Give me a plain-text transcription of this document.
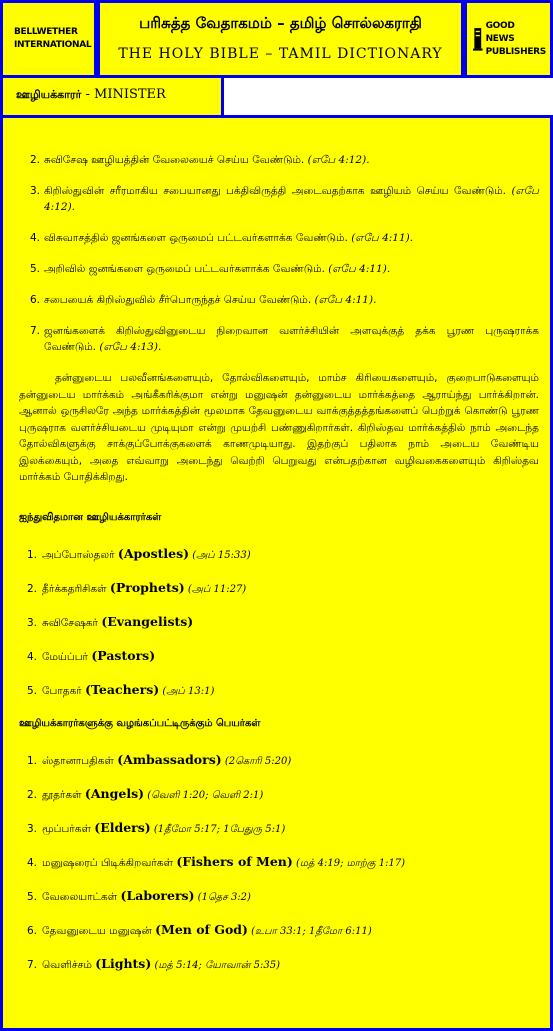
BELLWETHER
INTERNATIONAL
பரிசுத்த வேதாகமம் – தமிழ் சொல்லகராதி
THE HOLY BIBLE – TAMIL DICTIONARY
GOOD NEWS
PUBLISHERS
2. சுவிசேஷ ஊழியத்தின் வேலையைச் செய்ய வேண்டும். (எபே 4:12).
3. கிறிஸ்துவின் சரீரமாகிய சபையானது பக்திவிருத்தி அடைவதற்காக ஊழியம் செய்ய வேண்டும். (எபே 4:12).
4. விசுவாசத்தில் ஜனங்களை ஒருமைப் பட்டவர்களாக்க வேண்டும். (எபே 4:11).
5. அறிவில் ஜனங்களை ஒருமைப் பட்டவர்களாக்க வேண்டும். (எபே 4:11).
6. சபையைக் கிறிஸ்துவில் சீர்பொருந்தச் செய்ய வேண்டும். (எபே 4:11).
7. ஜனங்களைக் கிறிஸ்துவினுடைய நிறைவான வளர்ச்சியின் அளவுக்குத் தக்க பூரண புருஷராக்க வேண்டும். (எபே 4:13).

தன்னுடைய பலவீனங்களையும், தோல்விகளையும், மாம்ச கிரியைகளையும், குறைபாடுகளையும் தன்னுடைய மார்க்கம் அங்கீகரிக்குமா என்று மனுஷன் தன்னுடைய மார்க்கத்தை ஆராய்ந்து பார்க்கிறான். ஆனால் ஒருசிலரே அந்த மார்க்கத்தின் மூலமாக தேவனுடைய வாக்குத்தத்தங்களைப் பெற்றுக் கொண்டு பூரண புருஷராக வளர்ச்சியடைய முடியுமா என்று முயற்சி பண்ணுகிறார்கள். கிறிஸ்தவ மார்க்கத்தில் நாம் அடைந்த தோல்விகளுக்கு சாக்குப்போக்குகளைக் காணமுடியாது. இதற்குப் பதிலாக நாம் அடைய வேண்டிய இலக்கையும், அதை எவ்வாறு அடைந்து வெற்றி பெறுவது என்பதற்கான வழிவகைகளையும் கிறிஸ்தவ மார்க்கம் போதிக்கிறது.

ஐந்துவிதமான ஊழியக்காரர்கள்
1. அப்போஸ்தலர் (Apostles) (அப் 15:33)
2. தீர்க்கதரிசிகள் (Prophets) (அப் 11:27)
3. சுவிசேஷகர் (Evangelists)
4. மேய்ப்பர் (Pastors)
5. போதகர் (Teachers) (அப் 13:1)
ஊழியக்காரர்களுக்கு வழங்கப்பட்டிருக்கும் பெயர்கள்
1. ஸ்தானாபதிகள் (Ambassadors) (2கொரி 5:20)
2. தூதர்கள் (Angels) (வெளி 1:20; வெளி 2:1)
3. மூப்பர்கள் (Elders) (1தீமோ 5:17; 1பேதுரு 5:1)
4. மனுஷரைப் பிடிக்கிறவர்கள் (Fishers of Men) (மத் 4:19; மாற்கு 1:17)
5. வேலையாட்கள் (Laborers) (1தெச 3:2)
6. தேவனுடைய மனுஷன் (Men of God) (உபா 33:1; 1தீமோ 6:11)
7. வெளிச்சம் (Lights) (மத் 5:14; யோவான் 5:35)
ஊழியக்காரர் - MINISTER
